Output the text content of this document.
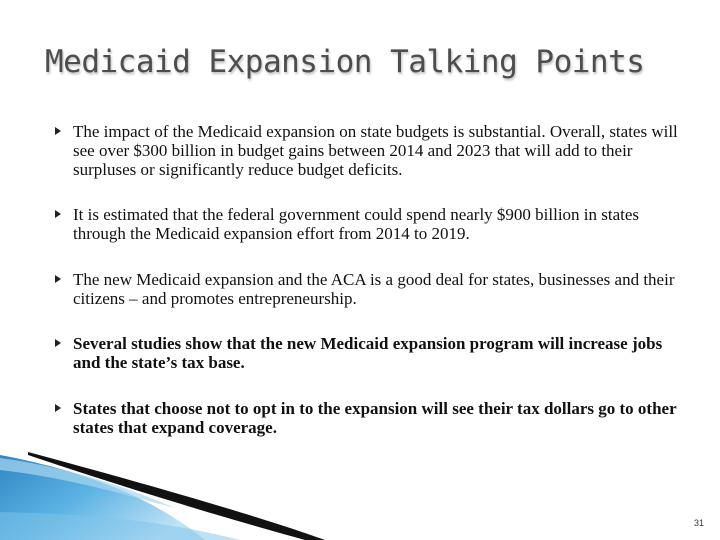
Medicaid Expansion Talking Points
The impact of the Medicaid expansion on state budgets is substantial. Overall, states will see over $300 billion in budget gains between 2014 and 2023 that will add to their surpluses or significantly reduce budget deficits.
It is estimated that the federal government could spend nearly $900 billion in states through the Medicaid expansion effort from 2014 to 2019.
The new Medicaid expansion and the ACA is a good deal for states, businesses and their citizens – and promotes entrepreneurship.
Several studies show that the new Medicaid expansion program will increase jobs and the state’s tax base.
States that choose not to opt in to the expansion will see their tax dollars go to other states that expand coverage.
31
